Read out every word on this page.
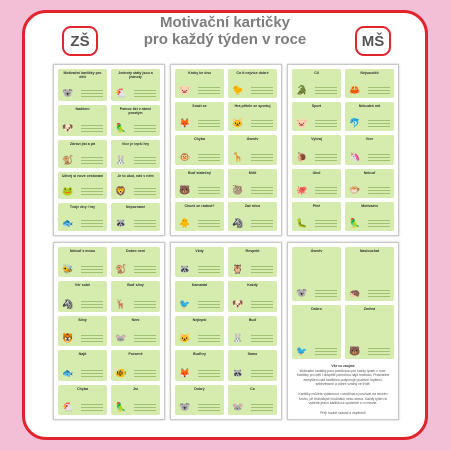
Motivační kartičky
pro každý týden v roce
ZŠ	MŠ
Motivační kartičky pro děti
🐨
Jednoty státy jsou a jednoty
🐔
Nadšení
🐶
Pomoc tíží v rámci prostým
🦜
Zdraví jíst a pít
🐒
Více je lepší hry
🐰
Užívej si nové cestování
🐸
Je to úkol, náš v něm
🦁
Tvoje dny i hry
🐟
Nepoznané
🦝
Kroky ke dnu
🐷
Co ti nejvíce dobré
🐤
Snaží se
🦊
Hra přítele se sportuj
🐱
Chyba
🐵
Úsměv
🦒
Buď statečný
🐻
Mířit
🦥
Chceš se radost?
🐥
Zaž něco
🦓
Cíl
🐊
Nejsoudělí
🦀
Sport
🐷
Nebudeš mít
🐬
Vyhraj
🐌
Více
🦄
Ukol
🐙
Nebuď
🐡
Plně
🐛
Motivační
🦜
Nebuď s mnou
🐝
Dobro není
🐒
Věř sobě
🦓
Buď silný
🦌
Silný
🐯
Není
🐭
Najít
🐟
Pozorně
🐠
Chyba
🐔
Jsi
🦜
Vždy
🦝
Respekt
🦉
Kamarád
🐦
Každý
🐶
Nejlepší
🐱
Buď
🐰
Buďhry
🦊
Samo
🦝
Dobrý
🐨
Co
🐭
Úsměv
🐨
Naslouchat
🦔
Dobro
🐦
Změna
🐻
Vše co zaujme
Motivační kartičky jsou pomůckou pro každý týden v roce. Kartičky pro děti i dospělé pomohou najít motivaci. Pravidelné zamyšlení nad kartičkou podporuje pozitivní myšlení, sebevědomí a dobré vztahy ve třídě.
Kartičky můžete vytisknout, rozstříhat a používat na ranním kruhu, při třídnických hodinách nebo doma. Každý týden si vyberte jednu kartičku a společně o ní mluvte.
Přeji hodně radosti a úspěchů!
